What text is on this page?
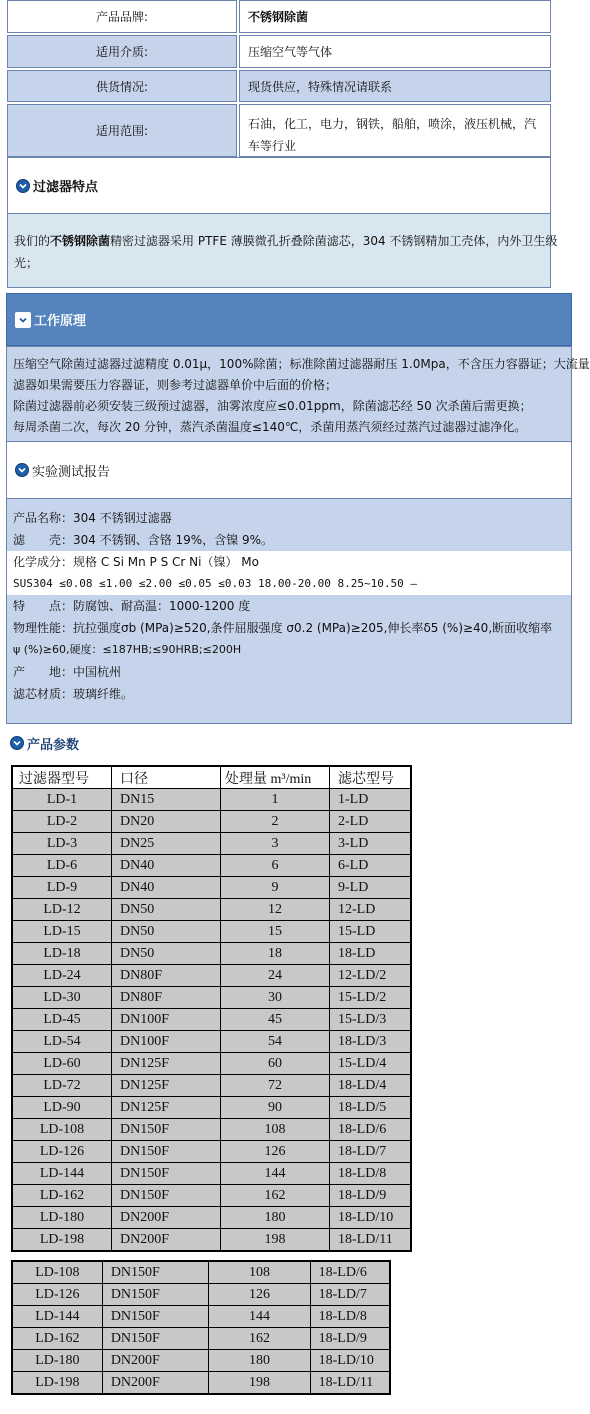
产品品牌:	不锈钢除菌
适用介质:	压缩空气等气体
供货情况:	现货供应，特殊情况请联系
适用范围:	石油，化工，电力，钢铁，船舶，喷涂，液压机械，汽 车等行业
过滤器特点
我们的不锈钢除菌精密过滤器采用 PTFE 薄膜微孔折叠除菌滤芯，304 不锈钢精加工壳体，内外卫生级
光；
工作原理
压缩空气除菌过滤器过滤精度 0.01μ，100%除菌；标准除菌过滤器耐压 1.0Mpa，不含压力容器证；大流量
滤器如果需要压力容器证，则参考过滤器单价中后面的价格；
除菌过滤器前必须安装三级预过滤器，油雾浓度应≤0.01ppm，除菌滤芯经 50 次杀菌后需更换；
每周杀菌二次，每次 20 分钟，蒸汽杀菌温度≤140℃，杀菌用蒸汽须经过蒸汽过滤器过滤净化。
实验测试报告
产品名称：304 不锈钢过滤器
滤　　壳：304 不锈钢、含铬 19%，含镍 9%。
化学成分：规格 C Si Mn P S Cr Ni（镍） Mo
SUS304 ≤0.08 ≤1.00 ≤2.00 ≤0.05 ≤0.03 18.00-20.00 8.25~10.50 –
特　　点：防腐蚀、耐高温：1000-1200 度
物理性能：抗拉强度σb (MPa)≥520,条件屈服强度 σ0.2 (MPa)≥205,伸长率δ5 (%)≥40,断面收缩率
ψ (%)≥60,硬度：≤187HB;≤90HRB;≤200H
产　　地：中国杭州
滤芯材质：玻璃纤维。
产品参数
过滤器型号	口径	处理量 m³/min	滤芯型号
LD-1	DN15	1	1-LD
LD-2	DN20	2	2-LD
LD-3	DN25	3	3-LD
LD-6	DN40	6	6-LD
LD-9	DN40	9	9-LD
LD-12	DN50	12	12-LD
LD-15	DN50	15	15-LD
LD-18	DN50	18	18-LD
LD-24	DN80F	24	12-LD/2
LD-30	DN80F	30	15-LD/2
LD-45	DN100F	45	15-LD/3
LD-54	DN100F	54	18-LD/3
LD-60	DN125F	60	15-LD/4
LD-72	DN125F	72	18-LD/4
LD-90	DN125F	90	18-LD/5
LD-108	DN150F	108	18-LD/6
LD-126	DN150F	126	18-LD/7
LD-144	DN150F	144	18-LD/8
LD-162	DN150F	162	18-LD/9
LD-180	DN200F	180	18-LD/10
LD-198	DN200F	198	18-LD/11
LD-108	DN150F	108	18-LD/6
LD-126	DN150F	126	18-LD/7
LD-144	DN150F	144	18-LD/8
LD-162	DN150F	162	18-LD/9
LD-180	DN200F	180	18-LD/10
LD-198	DN200F	198	18-LD/11
